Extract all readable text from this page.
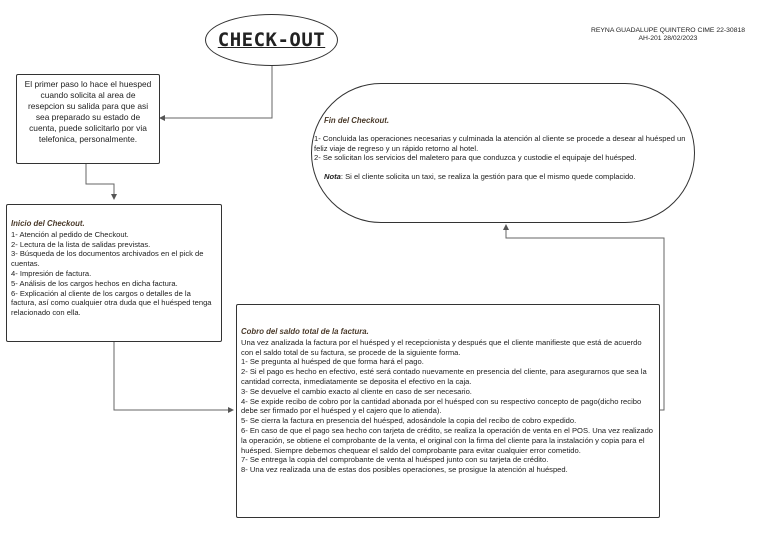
CHECK-OUT	REYNA GUADALUPE QUINTERO CIME 22-30818
AH-201 28/02/2023
El primer paso lo hace el huesped cuando solicita al area de resepcion su salida para que asi sea preparado su estado de cuenta, puede solicitarlo por via telefonica, personalmente.
Inicio del Checkout.
1- Atención al pedido de Checkout.
2- Lectura de la lista de salidas previstas.
3- Búsqueda de los documentos archivados en el pick de cuentas.
4- Impresión de factura.
5- Análisis de los cargos hechos en dicha factura.
6- Explicación al cliente de los cargos o detalles de la factura, así como cualquier otra duda que el huésped tenga relacionado con ella.
Cobro del saldo total de la factura.
Una vez analizada la factura por el huésped y el recepcionista y después que el cliente manifieste que está de acuerdo con el saldo total de su factura, se procede de la siguiente forma.
1- Se pregunta al huésped de que forma hará el pago.
2- Si el pago es hecho en efectivo, esté será contado nuevamente en presencia del cliente, para asegurarnos que sea la cantidad correcta, inmediatamente se deposita el efectivo en la caja.
3- Se devuelve el cambio exacto al cliente en caso de ser necesario.
4- Se expide recibo de cobro por la cantidad abonada por el huésped con su respectivo concepto de pago(dicho recibo debe ser firmado por el huésped y el cajero que lo atienda).
5- Se cierra la factura en presencia del huésped, adosándole la copia del recibo de cobro expedido.
6- En caso de que el pago sea hecho con tarjeta de crédito, se realiza la operación de venta en el POS. Una vez realizado la operación, se obtiene el comprobante de la venta, el original con la firma del cliente para la instalación y copia para el huésped. Siempre debemos chequear el saldo del comprobante para evitar cualquier error cometido.
7- Se entrega la copia del comprobante de venta al huésped junto con su tarjeta de crédito.
8- Una vez realizada una de estas dos posibles operaciones, se prosigue la atención al huésped.
Fin del Checkout.
1- Concluida las operaciones necesarias y culminada la atención al cliente se procede a desear al huésped un feliz viaje de regreso y un rápido retorno al hotel.
2- Se solicitan los servicios del maletero para que conduzca y custodie el equipaje del huésped.
Nota: Si el cliente solicita un taxi, se realiza la gestión para que el mismo quede complacido.
